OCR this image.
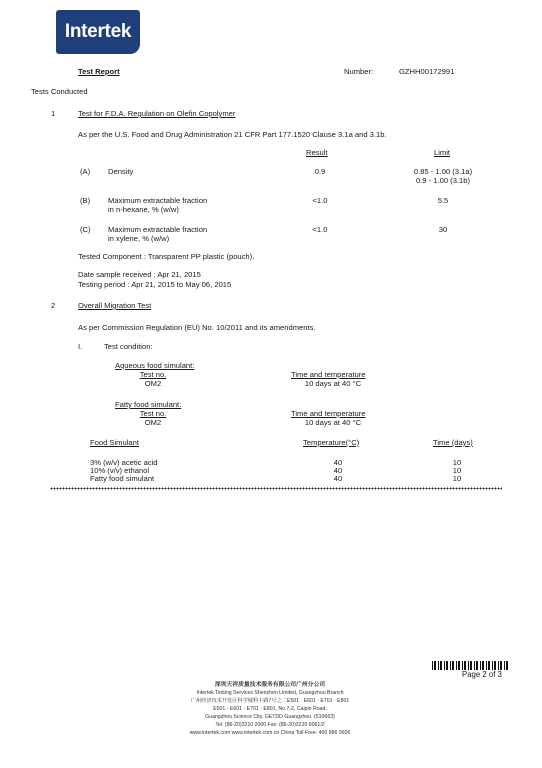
Intertek
Test Report	Number:	GZHH00172991
Tests Conducted
1	Test for F.D.A. Regulation on Olefin Copolymer
As per the U.S. Food and Drug Administration 21 CFR Part 177.1520 Clause 3.1a and 3.1b.
Result	Limit
(A) Density	0.9	0.85 - 1.00 (3.1a)
0.9 - 1.00 (3.1b)
(B) Maximum extractable fraction
in n-hexane, % (w/w)
<1.0	5.5
(C) Maximum extractable fraction
in xylene, % (w/w)
<1.0	30
Tested Component : Transparent PP plastic (pouch).
Date sample received : Apr 21, 2015
Testing period : Apr 21, 2015 to May 06, 2015
2	Overall Migration Test
As per Commission Regulation (EU) No. 10/2011 and its amendments.
I.	Test condition:
Aqueous food simulant:
Test no.	Time and temperature
OM2	10 days at 40 °C
Fatty food simulant:
Test no.	Time and temperature
OM2	10 days at 40 °C
Food Simulant	Temperature(°C)	Time (days)
3% (w/v) acetic acid	40	10
10% (v/v) ethanol	40	10
Fatty food simulant	40	10
Page 2 of 3
深圳天祥质量技术服务有限公司广州分公司
Intertek Testing Services Shenzhen Limited, Guangzhou Branch
广州经济技术开发区科学城科丰路7号之二E501 · E601 · E701 · E801
E501 · E601 · E701 · E801, No.7-2, Caipin Road,
Guangzhou Science City, GETDD Guangzhou. (510663)
Tel: (86-20)3210 2000 Fax: (86-20)3220 6061/2
www.intertek.com www.intertek.com.cn China Toll-Free: 400 886 9926
